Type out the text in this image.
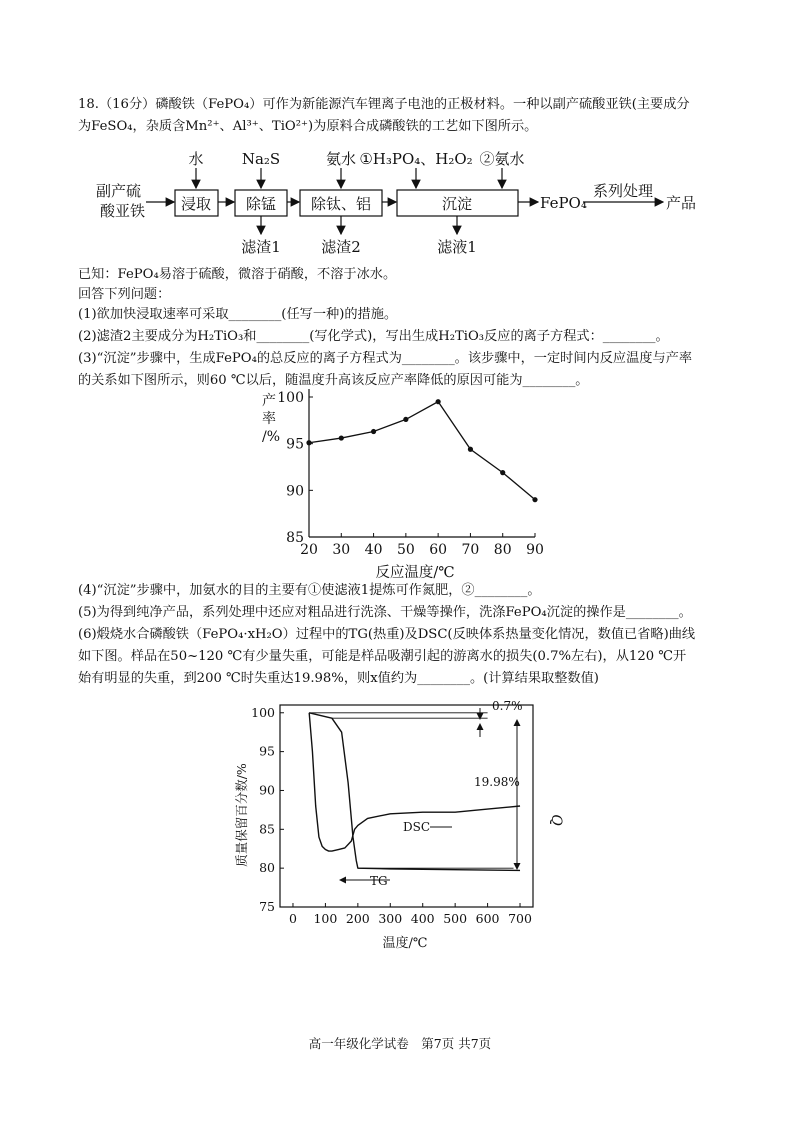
18.（16分）磷酸铁（FePO₄）可作为新能源汽车锂离子电池的正极材料。一种以副产硫酸亚铁(主要成分
为FeSO₄，杂质含Mn²⁺、Al³⁺、TiO²⁺)为原料合成磷酸铁的工艺如下图所示。
副产硫
酸亚铁 浸取 除锰 除钛、铝	沉淀
水	Na₂S	氨水 ①H₃PO₄、H₂O₂ ②氨水
滤渣1	滤渣2	滤液1
FePO₄
系列处理
产品
已知：FePO₄易溶于硫酸，微溶于硝酸，不溶于冰水。
回答下列问题：
(1)欲加快浸取速率可采取________(任写一种)的措施。
(2)滤渣2主要成分为H₂TiO₃和________(写化学式)，写出生成H₂TiO₃反应的离子方程式：________。
(3)“沉淀”步骤中，生成FePO₄的总反应的离子方程式为________。该步骤中，一定时间内反应温度与产率
的关系如下图所示，则60 ℃以后，随温度升高该反应产率降低的原因可能为________。
20 30 40 50 60 70 80 90
85
90
95
100
产
率
/%
反应温度/℃
(4)“沉淀”步骤中，加氨水的目的主要有①使滤液1提炼可作氮肥，②________。
(5)为得到纯净产品，系列处理中还应对粗品进行洗涤、干燥等操作，洗涤FePO₄沉淀的操作是________。
(6)煅烧水合磷酸铁（FePO₄·xH₂O）过程中的TG(热重)及DSC(反映体系热量变化情况，数值已省略)曲线
如下图。样品在50~120 ℃有少量失重，可能是样品吸潮引起的游离水的损失(0.7%左右)，从120 ℃开
始有明显的失重，到200 ℃时失重达19.98%，则x值约为________。(计算结果取整数值)
0 100 200 300 400 500 600 700
75
80
85
90
95
100
质量保留百分数/%
温度/℃
Q
0.7%
19.98%
DSC
TG
高一年级化学试卷　第7页 共7页
